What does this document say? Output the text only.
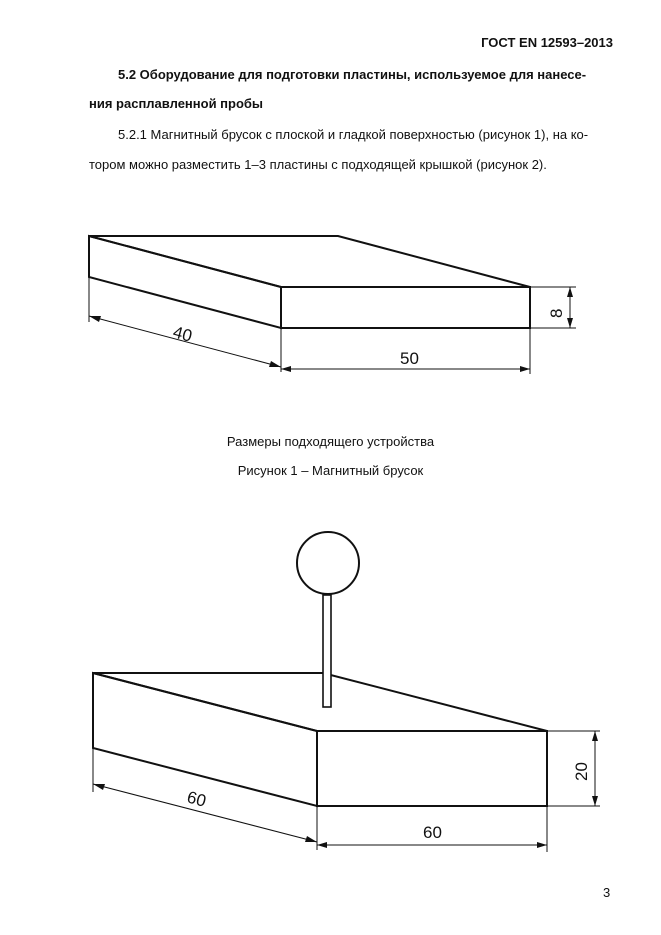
ГОСТ EN 12593–2013
5.2 Оборудование для подготовки пластины, используемое для нанесе-
ния расплавленной пробы
5.2.1 Магнитный брусок с плоской и гладкой поверхностью (рисунок 1), на ко-
тором можно разместить 1–3 пластины с подходящей крышкой (рисунок 2).
40
50
8
Размеры подходящего устройства
Рисунок 1 – Магнитный брусок
60
60
20
3
